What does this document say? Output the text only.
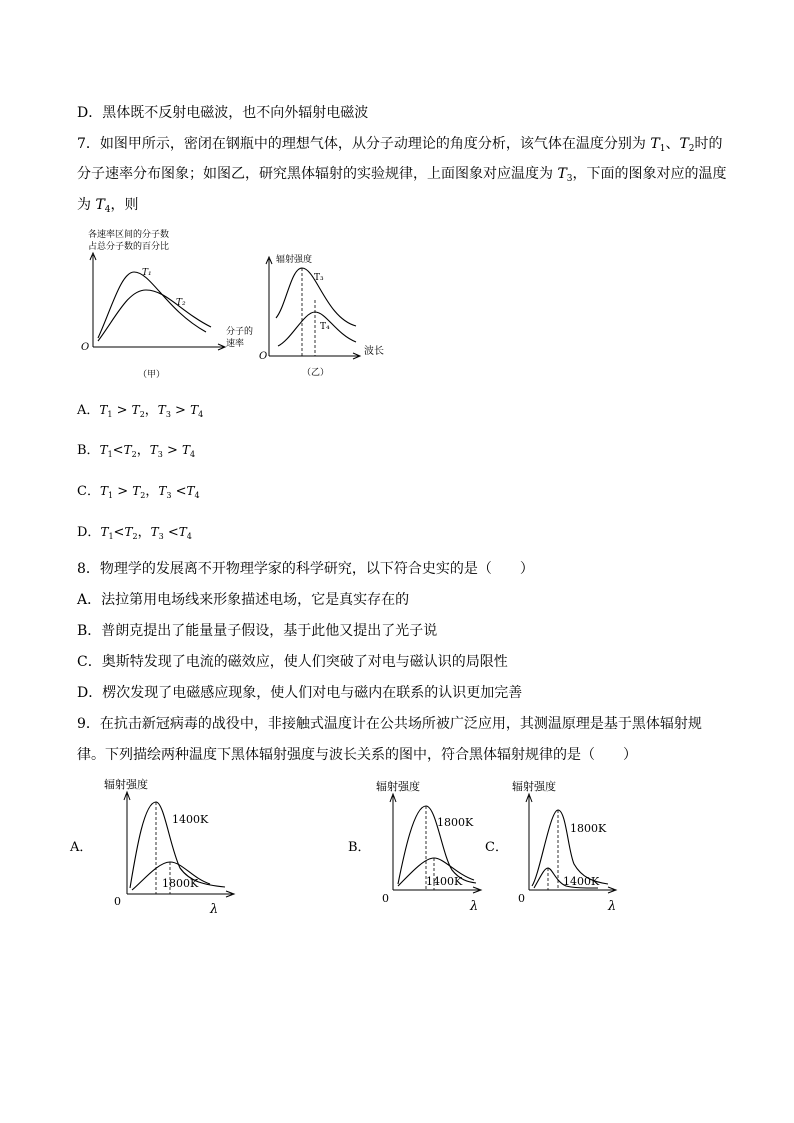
D．黑体既不反射电磁波，也不向外辐射电磁波
7．如图甲所示，密闭在钢瓶中的理想气体，从分子动理论的角度分析，该气体在温度分别为 $T_1$、$T_2$时的
分子速率分布图象；如图乙，研究黑体辐射的实验规律，上面图象对应温度为 $T_3$，下面的图象对应的温度
为 $T_4$，则
各速率区间的分子数
占总分子数的百分比
T₁
T₂
O
分子的
速率
（甲）
辐射强度
T₃
T₄
O	波长
（乙）
A．$T_1 > T_2$，$T_3 > T_4$
B．$T_1<T_2$，$T_3 > T_4$
C．$T_1 > T_2$，$T_3 <T_4$
D．$T_1<T_2$，$T_3 <T_4$
8．物理学的发展离不开物理学家的科学研究，以下符合史实的是（　　）
A．法拉第用电场线来形象描述电场，它是真实存在的
B．普朗克提出了能量量子假设，基于此他又提出了光子说
C．奥斯特发现了电流的磁效应，使人们突破了对电与磁认识的局限性
D．楞次发现了电磁感应现象，使人们对电与磁内在联系的认识更加完善
9．在抗击新冠病毒的战役中，非接触式温度计在公共场所被广泛应用，其测温原理是基于黑体辐射规
律。下列描绘两种温度下黑体辐射强度与波长关系的图中，符合黑体辐射规律的是（　　）
A．
辐射强度
1400K
1800K
0
λ
B．
辐射强度
1800K
1400K
0
λ
C．
辐射强度
1800K
1400K
0
λ
